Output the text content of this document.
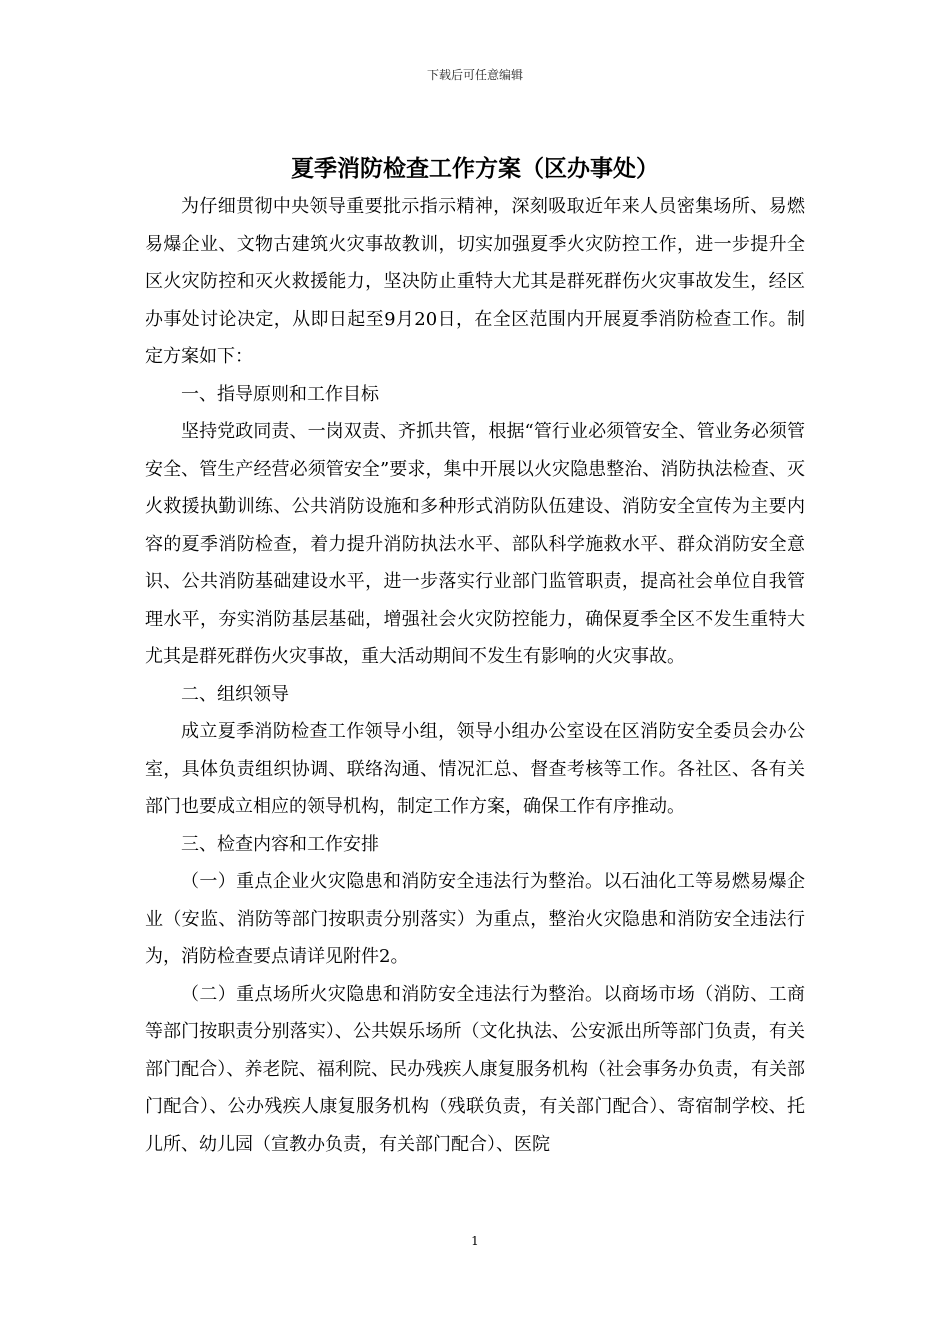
下载后可任意编辑
夏季消防检查工作方案（区办事处）

为仔细贯彻中央领导重要批示指示精神，深刻吸取近年来人员密集场所、易燃易爆企业、文物古建筑火灾事故教训，切实加强夏季火灾防控工作，进一步提升全区火灾防控和灭火救援能力，坚决防止重特大尤其是群死群伤火灾事故发生，经区办事处讨论决定，从即日起至9月20日，在全区范围内开展夏季消防检查工作。制定方案如下：

一、指导原则和工作目标

坚持党政同责、一岗双责、齐抓共管，根据“管行业必须管安全、管业务必须管安全、管生产经营必须管安全”要求，集中开展以火灾隐患整治、消防执法检查、灭火救援执勤训练、公共消防设施和多种形式消防队伍建设、消防安全宣传为主要内容的夏季消防检查，着力提升消防执法水平、部队科学施救水平、群众消防安全意识、公共消防基础建设水平，进一步落实行业部门监管职责，提高社会单位自我管理水平，夯实消防基层基础，增强社会火灾防控能力，确保夏季全区不发生重特大尤其是群死群伤火灾事故，重大活动期间不发生有影响的火灾事故。

二、组织领导

成立夏季消防检查工作领导小组，领导小组办公室设在区消防安全委员会办公室，具体负责组织协调、联络沟通、情况汇总、督查考核等工作。各社区、各有关部门也要成立相应的领导机构，制定工作方案，确保工作有序推动。

三、检查内容和工作安排

（一）重点企业火灾隐患和消防安全违法行为整治。以石油化工等易燃易爆企业（安监、消防等部门按职责分别落实）为重点，整治火灾隐患和消防安全违法行为，消防检查要点请详见附件2。

（二）重点场所火灾隐患和消防安全违法行为整治。以商场市场（消防、工商等部门按职责分别落实）、公共娱乐场所（文化执法、公安派出所等部门负责，有关部门配合）、养老院、福利院、民办残疾人康复服务机构（社会事务办负责，有关部门配合）、公办残疾人康复服务机构（残联负责，有关部门配合）、寄宿制学校、托儿所、幼儿园（宣教办负责，有关部门配合）、医院

1
